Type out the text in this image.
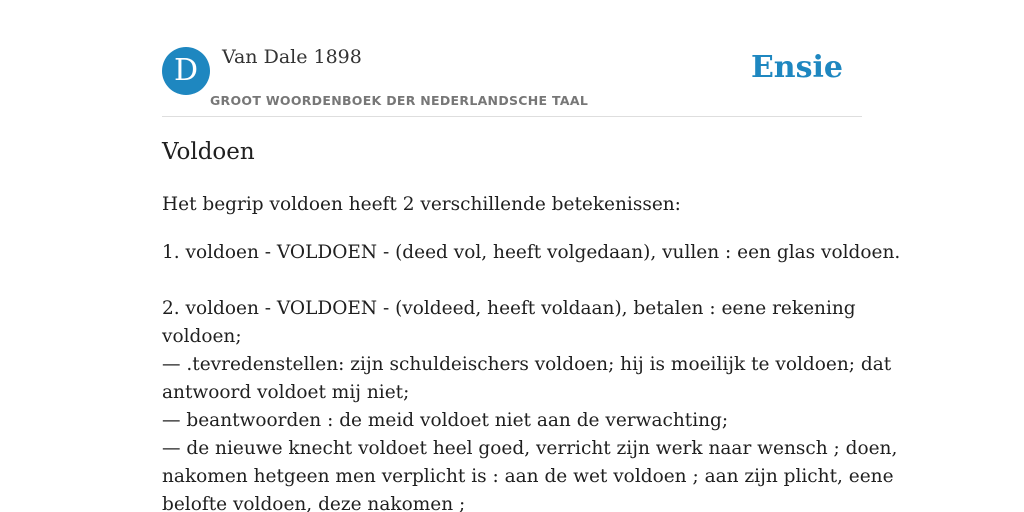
D	Van Dale 1898
GROOT WOORDENBOEK DER NEDERLANDSCHE TAAL
Ensie
Voldoen
Het begrip voldoen heeft 2 verschillende betekenissen:
1. voldoen - VOLDOEN - (deed vol, heeft volgedaan), vullen : een glas voldoen.
2. voldoen - VOLDOEN - (voldeed, heeft voldaan), betalen : eene rekening
voldoen;
— .tevredenstellen: zijn schuldeischers voldoen; hij is moeilijk te voldoen; dat
antwoord voldoet mij niet;
— beantwoorden : de meid voldoet niet aan de verwachting;
— de nieuwe knecht voldoet heel goed, verricht zijn werk naar wensch ; doen,
nakomen hetgeen men verplicht is : aan de wet voldoen ; aan zijn plicht, eene
belofte voldoen, deze nakomen ;
